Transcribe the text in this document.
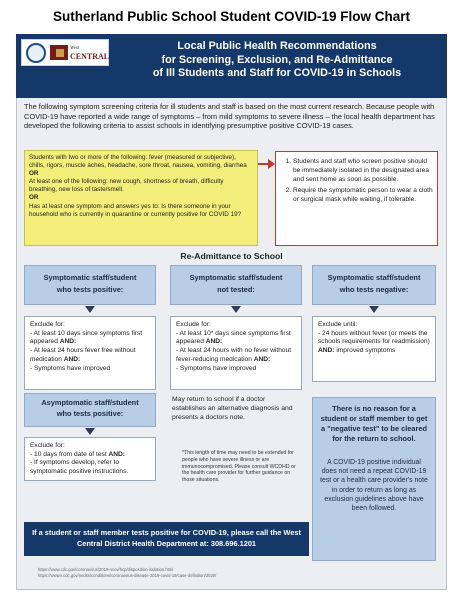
Sutherland Public School Student COVID-19 Flow Chart
West
CENTRAL
Local Public Health Recommendations
for Screening, Exclusion, and Re-Admittance
of Ill Students and Staff for COVID-19 in Schools
The following symptom screening criteria for ill students and staff is based on the most current research. Because people with COVID-19 have reported a wide range of symptoms – from mild symptoms to severe illness – the local health department has developed the following criteria to assist schools in identifying presumptive positive COVID-19 cases.
Students with two or more of the following: fever (measured or subjective), chills, rigors, muscle aches, headache, sore throat, nausea, vomiting, diarrhea
OR
At least one of the following: new cough, shortness of breath, difficulty breathing, new loss of taste/smell.
OR
Has at least one symptom and answers yes to: Is there someone in your household who is currently in quarantine or currently positive for COVID 19?
1. Students and staff who screen positive should be immediately isolated in the designated area and sent home as soon as possible.
2. Require the symptomatic person to wear a cloth or surgical mask while waiting, if tolerable.
Re-Admittance to School
Symptomatic staff/student
who tests positive:
Exclude for:
- At least 10 days since symptoms first appeared AND:
- At least 24 hours fever free without medication AND:
- Symptoms have improved
Asymptomatic staff/student
who tests positive:
Exclude for:
- 10 days from date of test AND:
- If symptoms develop, refer to symptomatic positive instructions.
Symptomatic staff/student
not tested:
Exclude for:
- At least 10* days since symptoms first appeared AND:
- At least 24 hours with no fever without fever-reducing medication AND:
- Symptoms have improved
May return to school if a doctor establishes an alternative diagnosis and presents a doctors note.
*This length of time may need to be extended for people who have severe illness or are immunocompromised. Please consult WCDHD or the health care provider for further guidance on those situations.
Symptomatic staff/student
who tests negative:
Exclude until:
- 24 hours without fever (or meets the schools requirements for readmission) AND: improved symptoms
There is no reason for a student or staff member to get a "negative test" to be cleared for the return to school.
A COVID-19 positive individual does not need a repeat COVID-19 test or a health care provider's note in order to return as long as exclusion guidelines above have been followed.
If a student or staff member tests positive for COVID-19, please call the West Central District Health Department at: 308.696.1201
https://www.cdc.gov/coronavirus/2019-ncov/hcp/disposition-isolation.html
https://wwwn.cdc.gov/nndss/conditions/coronavirus-disease-2019-covid-19/case-definition/2020/
